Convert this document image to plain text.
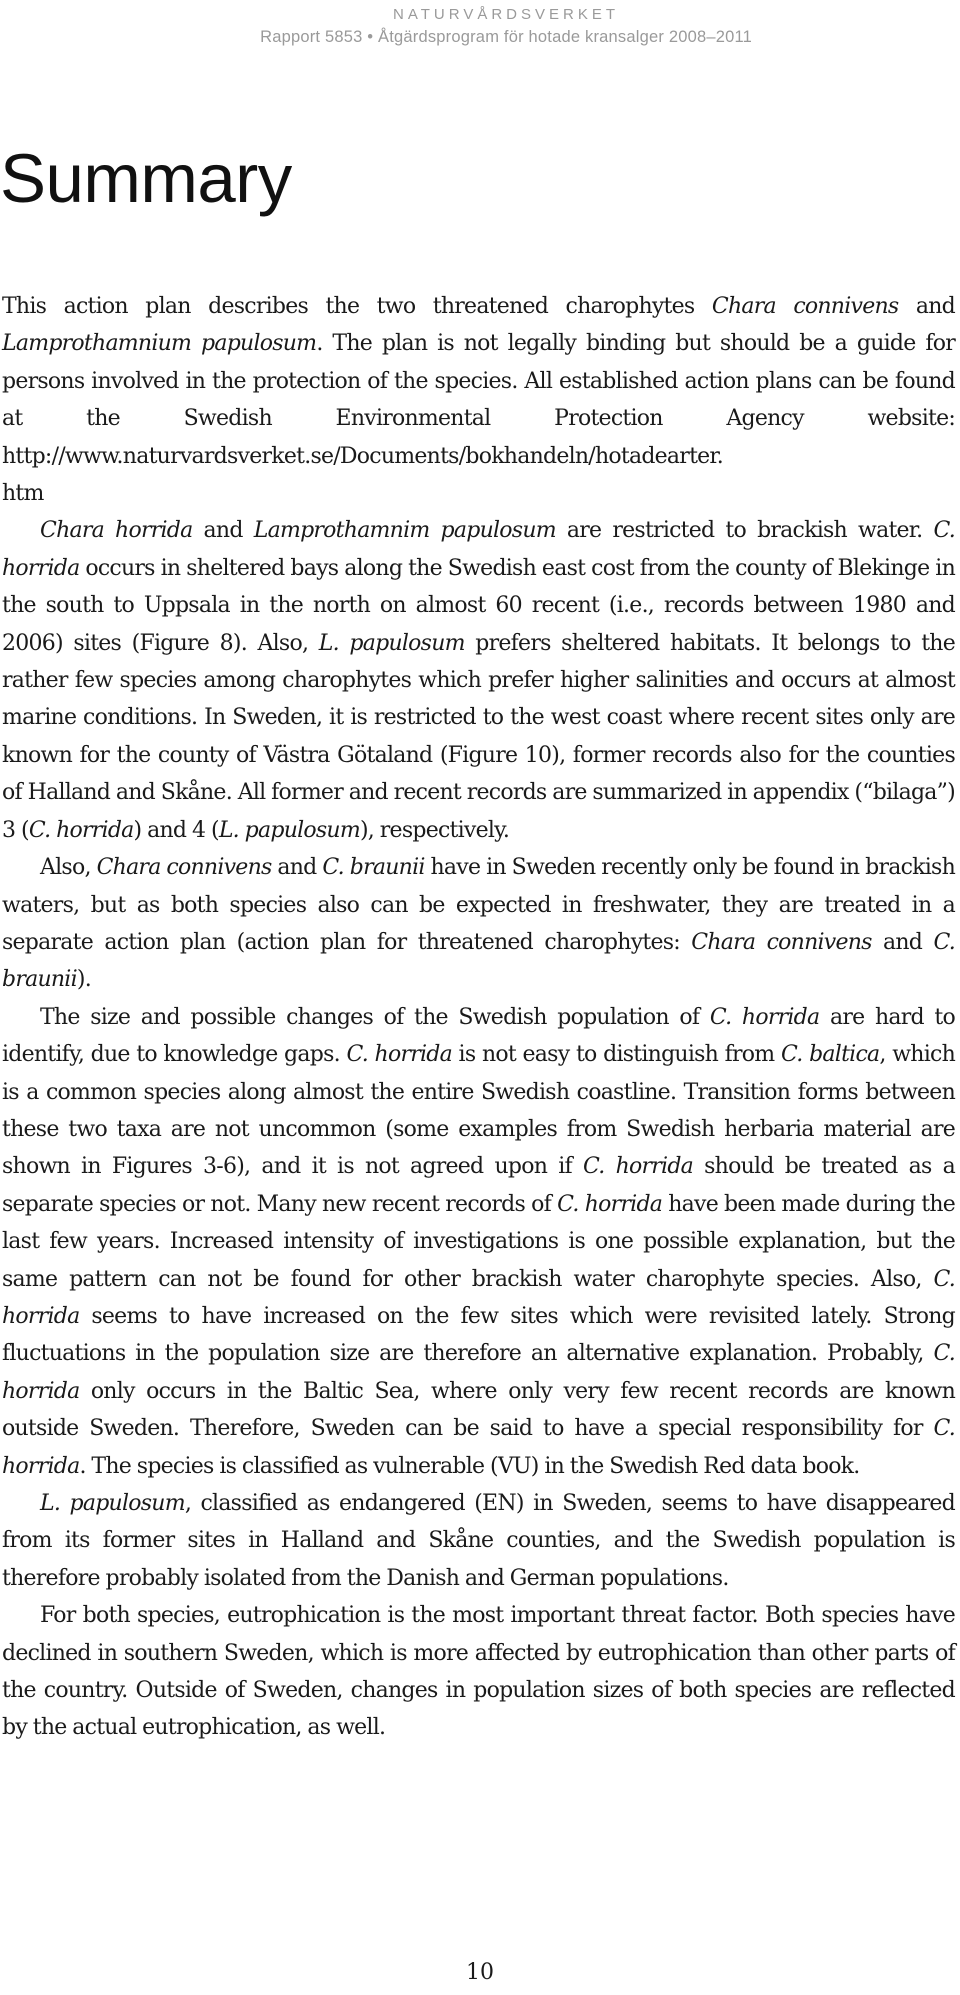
NATURVÅRDSVERKET
Rapport 5853 • Åtgärdsprogram för hotade kransalger 2008–2011
Summary

This action plan describes the two threatened charophytes Chara connivens and Lamprothamnium papulosum. The plan is not legally binding but should be a guide for persons involved in the protection of the species. All established action plans can be found at the Swedish Environmental Protection Agency website: http://www.naturvardsverket.se/Documents/bokhandeln/hotadearter.
htm

Chara horrida and Lamprothamnim papulosum are restricted to brackish water. C. horrida occurs in sheltered bays along the Swedish east cost from the county of Blekinge in the south to Uppsala in the north on almost 60 recent (i.e., records between 1980 and 2006) sites (Figure 8). Also, L. papulosum prefers sheltered habitats. It belongs to the rather few species among charophytes which prefer higher salinities and occurs at almost marine conditions. In Sweden, it is restricted to the west coast where recent sites only are known for the county of Västra Götaland (Figure 10), former records also for the counties of Halland and Skåne. All former and recent records are summarized in appendix (“bilaga”) 3 (C. horrida) and 4 (L. papulosum), respectively.

Also, Chara connivens and C. braunii have in Sweden recently only be found in brackish waters, but as both species also can be expected in freshwater, they are treated in a separate action plan (action plan for threatened charophytes: Chara connivens and C. braunii).

The size and possible changes of the Swedish population of C. horrida are hard to identify, due to knowledge gaps. C. horrida is not easy to distinguish from C. baltica, which is a common species along almost the entire Swedish coastline. Transition forms between these two taxa are not uncommon (some examples from Swedish herbaria material are shown in Figures 3-6), and it is not agreed upon if C. horrida should be treated as a separate species or not. Many new recent records of C. horrida have been made during the last few years. Increased intensity of investigations is one possible explanation, but the same pattern can not be found for other brackish water charophyte species. Also, C. horrida seems to have increased on the few sites which were revisited lately. Strong fluctuations in the population size are therefore an alternative explanation. Probably, C. horrida only occurs in the Baltic Sea, where only very few recent records are known outside Sweden. Therefore, Sweden can be said to have a special responsibility for C. horrida. The species is classified as vulnerable (VU) in the Swedish Red data book.

L. papulosum, classified as endangered (EN) in Sweden, seems to have disappeared from its former sites in Halland and Skåne counties, and the Swedish population is therefore probably isolated from the Danish and German populations.

For both species, eutrophication is the most important threat factor. Both species have declined in southern Sweden, which is more affected by eutrophication than other parts of the country. Outside of Sweden, changes in population sizes of both species are reflected by the actual eutrophication, as well.

10
